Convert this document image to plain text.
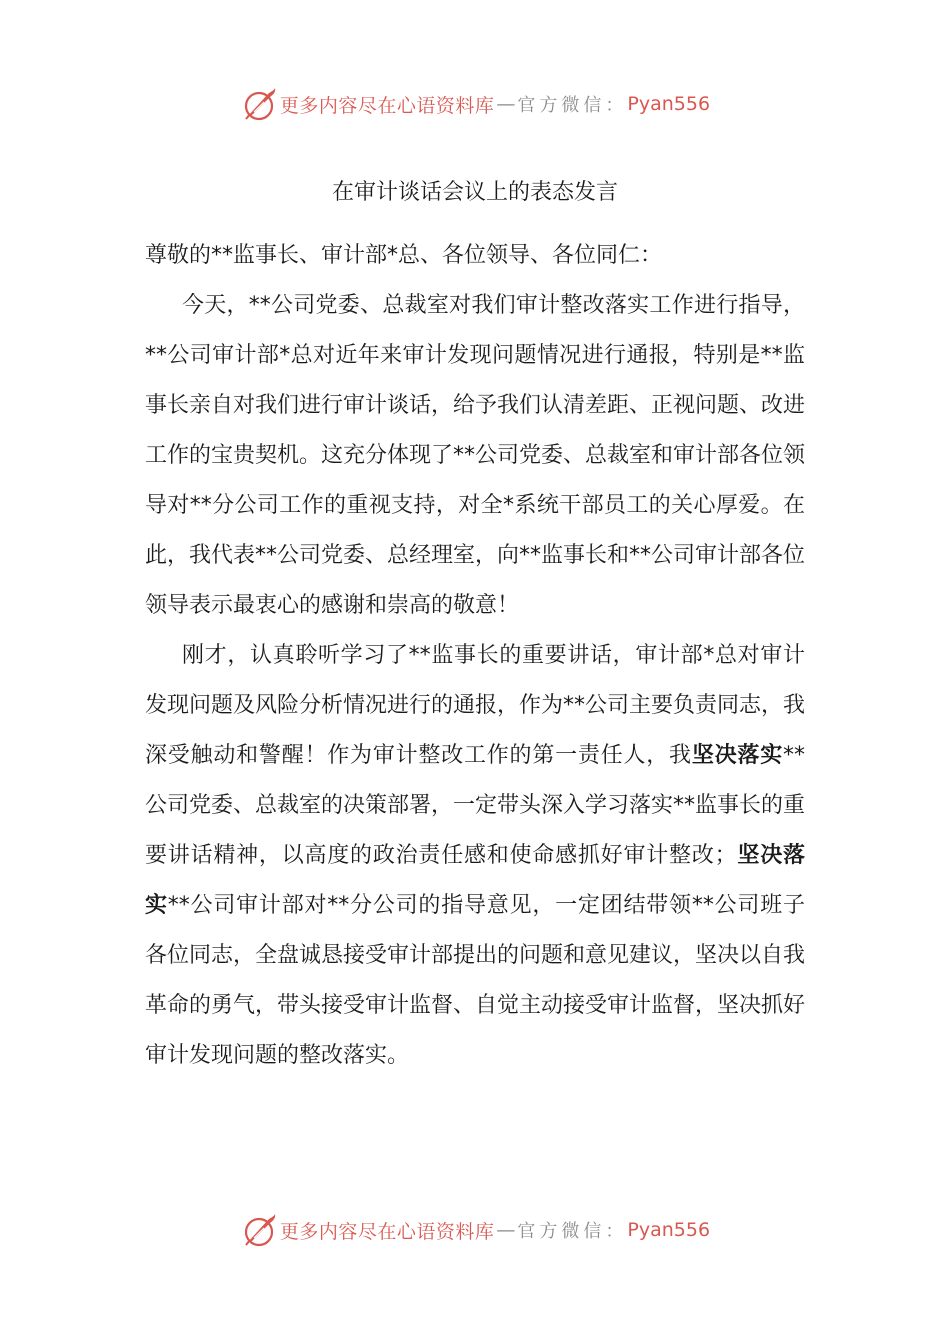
更多内容尽在心语资料库 — 官方微信： Pyan556
在审计谈话会议上的表态发言

尊敬的**监事长、审计部*总、各位领导、各位同仁：

今天，**公司党委、总裁室对我们审计整改落实工作进行指导，**公司审计部*总对近年来审计发现问题情况进行通报，特别是**监事长亲自对我们进行审计谈话，给予我们认清差距、正视问题、改进工作的宝贵契机。这充分体现了**公司党委、总裁室和审计部各位领导对**分公司工作的重视支持，对全*系统干部员工的关心厚爱。在此，我代表**公司党委、总经理室，向**监事长和**公司审计部各位领导表示最衷心的感谢和崇高的敬意！

刚才，认真聆听学习了**监事长的重要讲话，审计部*总对审计发现问题及风险分析情况进行的通报，作为**公司主要负责同志，我深受触动和警醒！作为审计整改工作的第一责任人，我坚决落实**公司党委、总裁室的决策部署，一定带头深入学习落实**监事长的重要讲话精神，以高度的政治责任感和使命感抓好审计整改；坚决落实**公司审计部对**分公司的指导意见，一定团结带领**公司班子各位同志，全盘诚恳接受审计部提出的问题和意见建议，坚决以自我革命的勇气，带头接受审计监督、自觉主动接受审计监督，坚决抓好审计发现问题的整改落实。

更多内容尽在心语资料库 — 官方微信： Pyan556
